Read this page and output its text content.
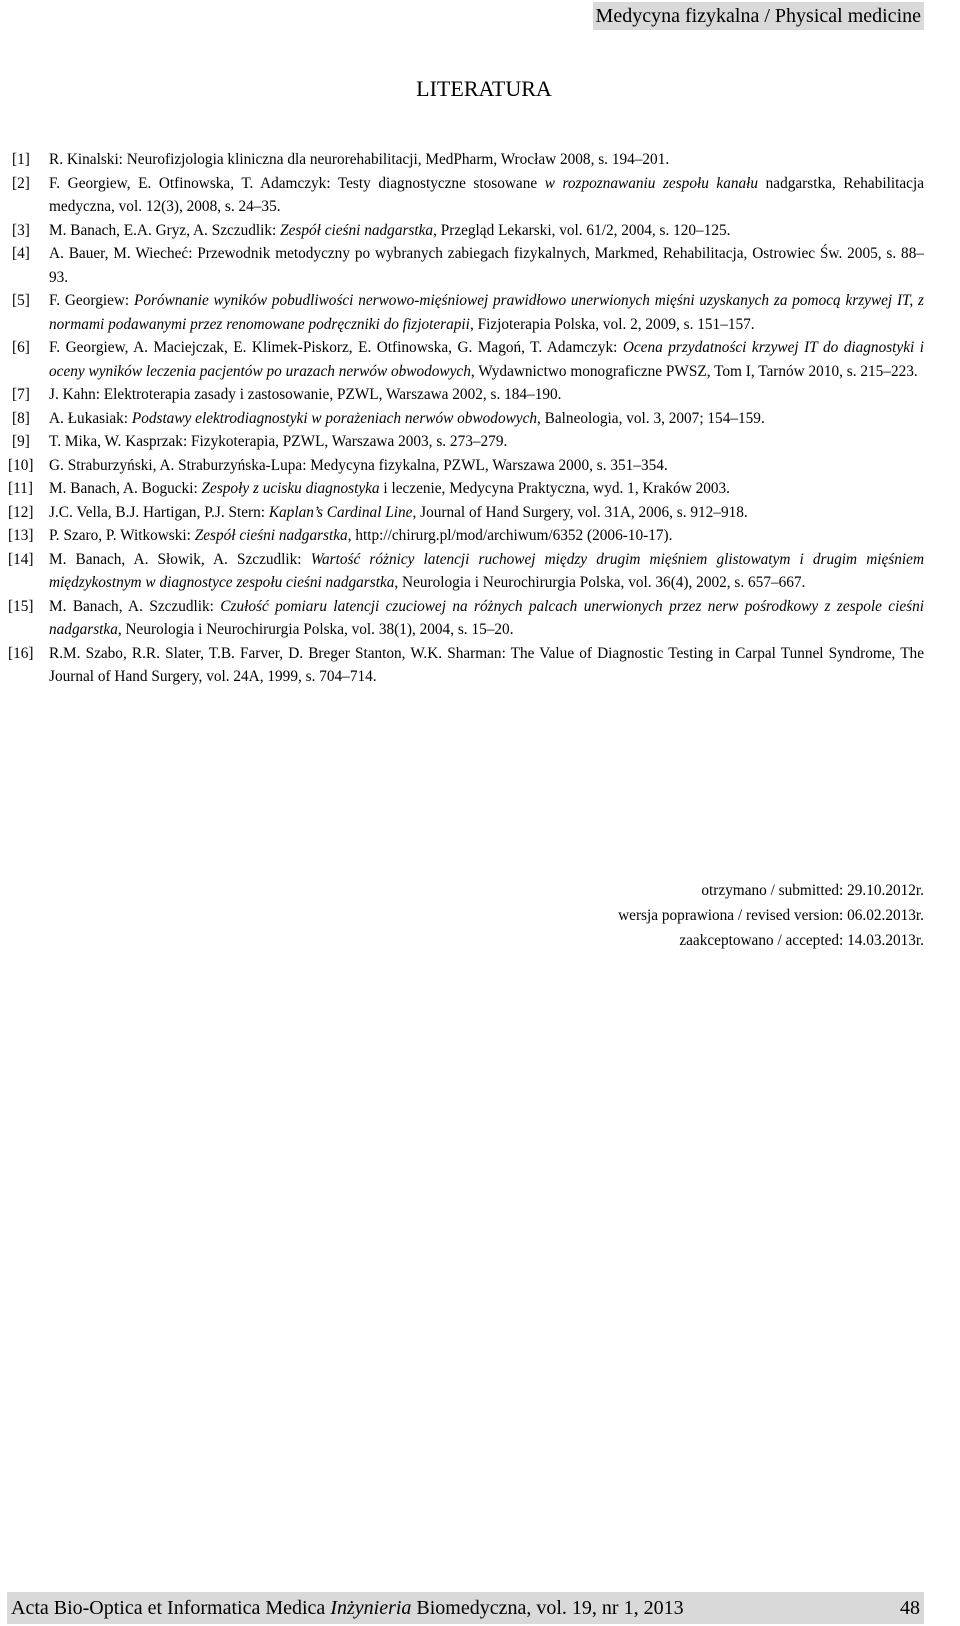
Medycyna fizykalna / Physical medicine
LITERATURA
[1] R. Kinalski: Neurofizjologia kliniczna dla neurorehabilitacji, MedPharm, Wrocław 2008, s. 194–201.
[2] F. Georgiew, E. Otfinowska, T. Adamczyk: Testy diagnostyczne stosowane w rozpoznawaniu zespołu kanału nadgarstka, Rehabilitacja medyczna, vol. 12(3), 2008, s. 24–35.
[3] M. Banach, E.A. Gryz, A. Szczudlik: Zespół cieśni nadgarstka, Przegląd Lekarski, vol. 61/2, 2004, s. 120–125.
[4] A. Bauer, M. Wiecheć: Przewodnik metodyczny po wybranych zabiegach fizykalnych, Markmed, Rehabilitacja, Ostrowiec Św. 2005, s. 88–93.
[5] F. Georgiew: Porównanie wyników pobudliwości nerwowo-mięśniowej prawidłowo unerwionych mięśni uzyskanych za pomocą krzywej IT, z normami podawanymi przez renomowane podręczniki do fizjoterapii, Fizjoterapia Polska, vol. 2, 2009, s. 151–157.
[6] F. Georgiew, A. Maciejczak, E. Klimek-Piskorz, E. Otfinowska, G. Magoń, T. Adamczyk: Ocena przydatności krzywej IT do diagnostyki i oceny wyników leczenia pacjentów po urazach nerwów obwodowych, Wydawnictwo monograficzne PWSZ, Tom I, Tarnów 2010, s. 215–223.
[7] J. Kahn: Elektroterapia zasady i zastosowanie, PZWL, Warszawa 2002, s. 184–190.
[8] A. Łukasiak: Podstawy elektrodiagnostyki w porażeniach nerwów obwodowych, Balneologia, vol. 3, 2007; 154–159.
[9] T. Mika, W. Kasprzak: Fizykoterapia, PZWL, Warszawa 2003, s. 273–279.
[10] G. Straburzyński, A. Straburzyńska-Lupa: Medycyna fizykalna, PZWL, Warszawa 2000, s. 351–354.
[11] M. Banach, A. Bogucki: Zespoły z ucisku diagnostyka i leczenie, Medycyna Praktyczna, wyd. 1, Kraków 2003.
[12] J.C. Vella, B.J. Hartigan, P.J. Stern: Kaplan’s Cardinal Line, Journal of Hand Surgery, vol. 31A, 2006, s. 912–918.
[13] P. Szaro, P. Witkowski: Zespół cieśni nadgarstka, http://chirurg.pl/mod/archiwum/6352 (2006-10-17).
[14] M. Banach, A. Słowik, A. Szczudlik: Wartość różnicy latencji ruchowej między drugim mięśniem glistowatym i drugim mięśniem międzykostnym w diagnostyce zespołu cieśni nadgarstka, Neurologia i Neurochirurgia Polska, vol. 36(4), 2002, s. 657–667.
[15] M. Banach, A. Szczudlik: Czułość pomiaru latencji czuciowej na różnych palcach unerwionych przez nerw pośrodkowy z zespole cieśni nadgarstka, Neurologia i Neurochirurgia Polska, vol. 38(1), 2004, s. 15–20.
[16] R.M. Szabo, R.R. Slater, T.B. Farver, D. Breger Stanton, W.K. Sharman: The Value of Diagnostic Testing in Carpal Tunnel Syndrome, The Journal of Hand Surgery, vol. 24A, 1999, s. 704–714.
otrzymano / submitted: 29.10.2012r.
wersja poprawiona / revised version: 06.02.2013r.
zaakceptowano / accepted: 14.03.2013r.
Acta Bio-Optica et Informatica Medica Inżynieria Biomedyczna, vol. 19, nr 1, 2013	48
